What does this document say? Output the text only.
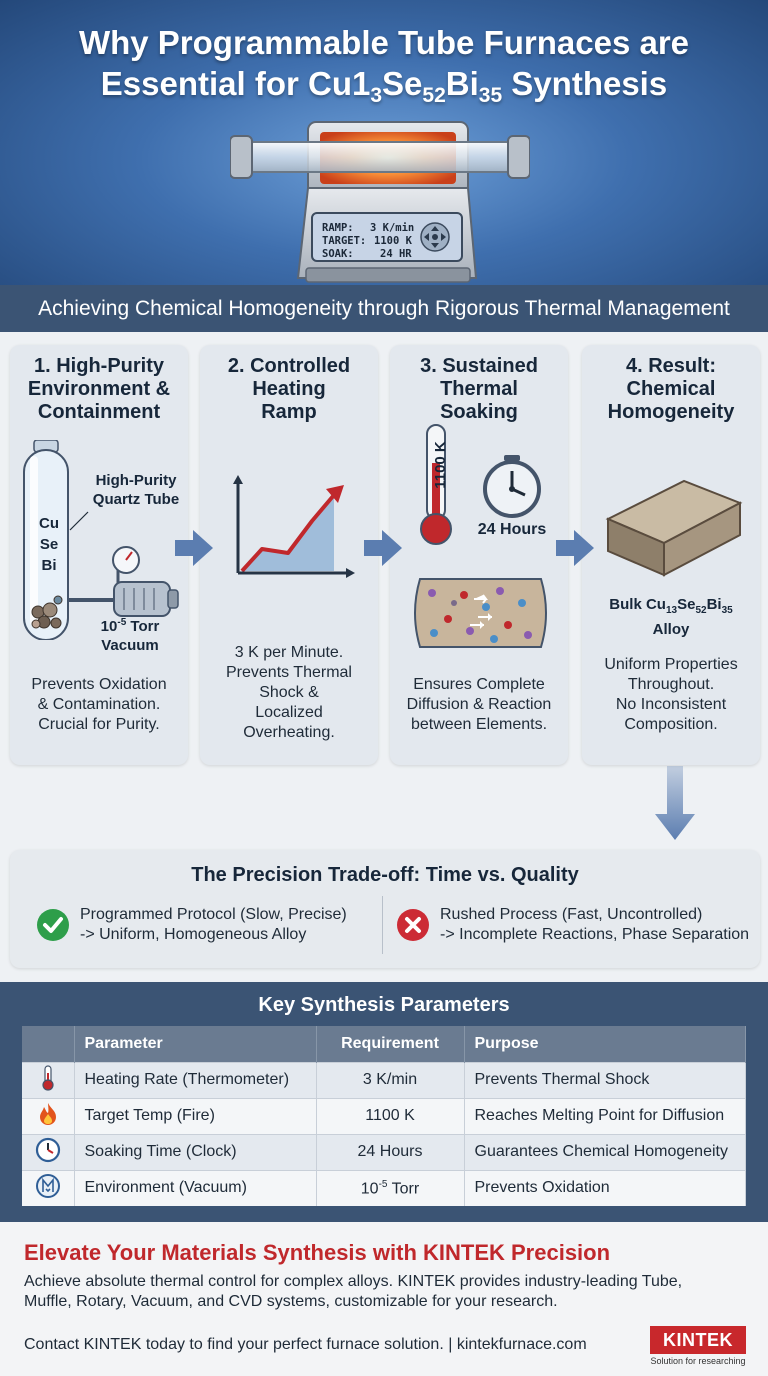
Why Programmable Tube Furnaces are
Essential for $Cu1_3Se_{52}Bi_{35}$ Synthesis
RAMP: 3 K/min
TARGET: 1100 K
SOAK:	24 HR
Achieving Chemical Homogeneity through Rigorous Thermal Management
1. High-Purity
Environment &
Containment
High-Purity
Quartz Tube
Cu
Se
Bi
$10^{-5}$ Torr
Vacuum
Prevents Oxidation
& Contamination.
Crucial for Purity.
2. Controlled
Heating
Ramp
3 K per Minute.
Prevents Thermal
Shock &
Localized
Overheating.
3. Sustained
Thermal
Soaking
1100 K
24 Hours
Ensures Complete
Diffusion & Reaction
between Elements.
4. Result:
Chemical
Homogeneity
Bulk $Cu_{13}Se_{52}Bi_{35}$
Alloy
Uniform Properties
Throughout.
No Inconsistent
Composition.
The Precision Trade-off: Time vs. Quality
Programmed Protocol (Slow, Precise)
-> Uniform, Homogeneous Alloy
Rushed Process (Fast, Uncontrolled)
-> Incomplete Reactions, Phase Separation
Key Synthesis Parameters
	Parameter	Requirement	Purpose
	Heating Rate (Thermometer)	3 K/min	Prevents Thermal Shock
	Target Temp (Fire)	1100 K	Reaches Melting Point for Diffusion
	Soaking Time (Clock)	24 Hours	Guarantees Chemical Homogeneity
	Environment (Vacuum)	$10^{-5}$ Torr	Prevents Oxidation
Elevate Your Materials Synthesis with KINTEK Precision
Achieve absolute thermal control for complex alloys. KINTEK provides industry-leading Tube,
Muffle, Rotary, Vacuum, and CVD systems, customizable for your research.
Contact KINTEK today to find your perfect furnace solution. | kintekfurnace.com	KINTEK
Solution for researching
